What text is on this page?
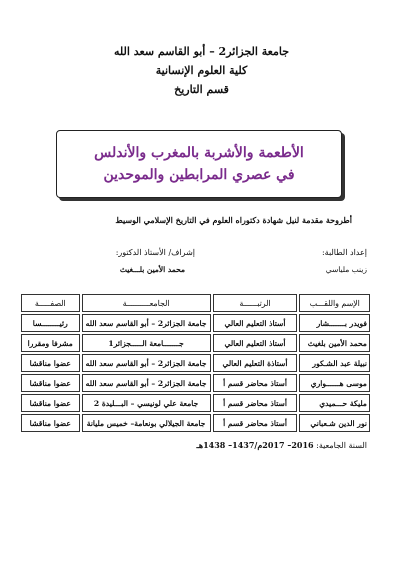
جامعة الجزائر2 – أبو القاسم سعد الله
كلية العلوم الإنسانية
قسم التاريخ
الأطعمة والأشربة بالمغرب والأندلس
في عصري المرابطين والموحدين
أطروحة مقدمة لنيل شهادة دكتوراه العلوم في التاريخ الإسلامي الوسيط
إعداد الطالبة:
إشراف/ الأستاذ الدكتور:
زينب ملياسي
محمد الأمين بلـــغيث
الإسم واللقـــب	الرتبــــــة	الجامعــــــــــة	الصفـــــة
فويدر بـــــــشار	أستاذ التعليم العالي	جامعة الجزائر2 – أبو القاسم سعد الله	رئيــــــــسا
محمد الأمين بلغيث	أستاذ التعليم العالي	جـــــــامعة الـــــجزائر1	مشرفا ومقررا
نبيلة عبد الشـكور	أستاذة التعليم العالي	جامعة الجزائر2 – أبو القاسم سعد الله	عضوا مناقشا
موسى هــــــواري	أستاذ محاضر قسم أ	جامعة الجزائر2 – أبو القاسم سعد الله	عضوا مناقشا
مليكة حـــميدي	أستاذ محاضر قسم أ	جامعة علي لونيسي – البـــليدة 2	عضوا مناقشا
نور الدين شـعباني	أستاذ محاضر قسم أ	جامعة الجيلالي بونعامة– خميس مليانة	عضوا مناقشا
السنة الجامعية: 2016– 2017م/1437– 1438هـ
